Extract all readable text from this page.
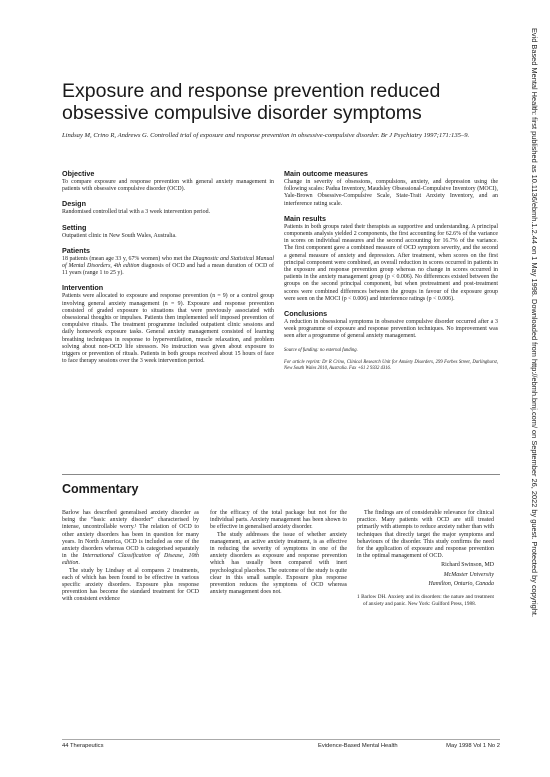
Exposure and response prevention reduced obsessive compulsive disorder symptoms
Lindsay M, Crino R, Andrews G. Controlled trial of exposure and response prevention in obsessive-compulsive disorder. Br J Psychiatry 1997;171:135–9.
Objective

To compare exposure and response prevention with general anxiety management in patients with obsessive compulsive disorder (OCD).

Design

Randomised controlled trial with a 3 week intervention period.

Setting

Outpatient clinic in New South Wales, Australia.

Patients

18 patients (mean age 33 y, 67% women) who met the Diagnostic and Statistical Manual of Mental Disorders, 4th edition diagnosis of OCD and had a mean duration of OCD of 11 years (range 1 to 25 y).

Intervention

Patients were allocated to exposure and response prevention (n = 9) or a control group involving general anxiety management (n = 9). Exposure and response prevention consisted of graded exposure to situations that were previously associated with obsessional thoughts or impulses. Patients then implemented self imposed prevention of compulsive rituals. The treatment programme included outpatient clinic sessions and daily homework exposure tasks. General anxiety management consisted of learning breathing techniques in response to hyperventilation, muscle relaxation, and problem solving about non-OCD life stressors. No instruction was given about exposure to triggers or prevention of rituals. Patients in both groups received about 15 hours of face to face therapy sessions over the 3 week intervention period.

Main outcome measures

Change in severity of obsessions, compulsions, anxiety, and depression using the following scales: Padua Inventory, Maudsley Obsessional-Compulsive Inventory (MOCI), Yale-Brown Obsessive-Compulsive Scale, State-Trait Anxiety Inventory, and an interference rating scale.

Main results

Patients in both groups rated their therapists as supportive and understanding. A principal components analysis yielded 2 components, the first accounting for 62.6% of the variance in scores on individual measures and the second accounting for 16.7% of the variance. The first component gave a combined measure of OCD symptom severity, and the second a general measure of anxiety and depression. After treatment, when scores on the first principal component were combined, an overall reduction in scores occurred in patients in the exposure and response prevention group whereas no change in scores occurred in patients in the anxiety management group (p < 0.006). No differences existed between the groups on the second principal component, but when pretreatment and post-treatment scores were combined differences between the groups in favour of the exposure group were seen on the MOCI (p < 0.006) and interference ratings (p < 0.006).

Conclusions

A reduction in obsessional symptoms in obsessive compulsive disorder occurred after a 3 week programme of exposure and response prevention techniques. No improvement was seen after a programme of general anxiety management.

Source of funding: no external funding.
For article reprint: Dr R Crino, Clinical Research Unit for Anxiety Disorders, 299 Forbes Street, Darlinghurst, New South Wales 2010, Australia. Fax +61 2 9332 4316.
Commentary

Barlow has described generalised anxiety disorder as being the “basic anxiety disorder” characterised by intense, uncontrollable worry.¹ The relation of OCD to other anxiety disorders has been in question for many years. In North America, OCD is included as one of the anxiety disorders whereas OCD is categorised separately in the International Classification of Disease, 10th edition.

The study by Lindsay et al compares 2 treatments, each of which has been found to be effective in various specific anxiety disorders. Exposure plus response prevention has become the standard treatment for OCD with consistent evidence

for the efficacy of the total package but not for the individual parts. Anxiety management has been shown to be effective in generalised anxiety disorder.

The study addresses the issue of whether anxiety management, an active anxiety treatment, is as effective in reducing the severity of symptoms in one of the anxiety disorders as exposure and response prevention which has usually been compared with inert psychological placebos. The outcome of the study is quite clear in this small sample. Exposure plus response prevention reduces the symptoms of OCD whereas anxiety management does not.

The findings are of considerable relevance for clinical practice. Many patients with OCD are still treated primarily with attempts to reduce anxiety rather than with techniques that directly target the major symptoms and behaviours of the disorder. This study confirms the need for the application of exposure and response prevention in the optimal management of OCD.

Richard Swinson, MD
McMaster University
Hamilton, Ontario, Canada
1 Barlow DH. Anxiety and its disorders: the nature and treatment of anxiety and panic. New York: Guilford Press, 1988.
44 Therapeutics	Evidence-Based Mental Health	May 1998 Vol 1 No 2
Evid Based Mental Health: first published as 10.1136/ebmh.1.2.44 on 1 May 1998. Downloaded from http://ebmh.bmj.com/ on September 26, 2022 by guest. Protected by copyright.
